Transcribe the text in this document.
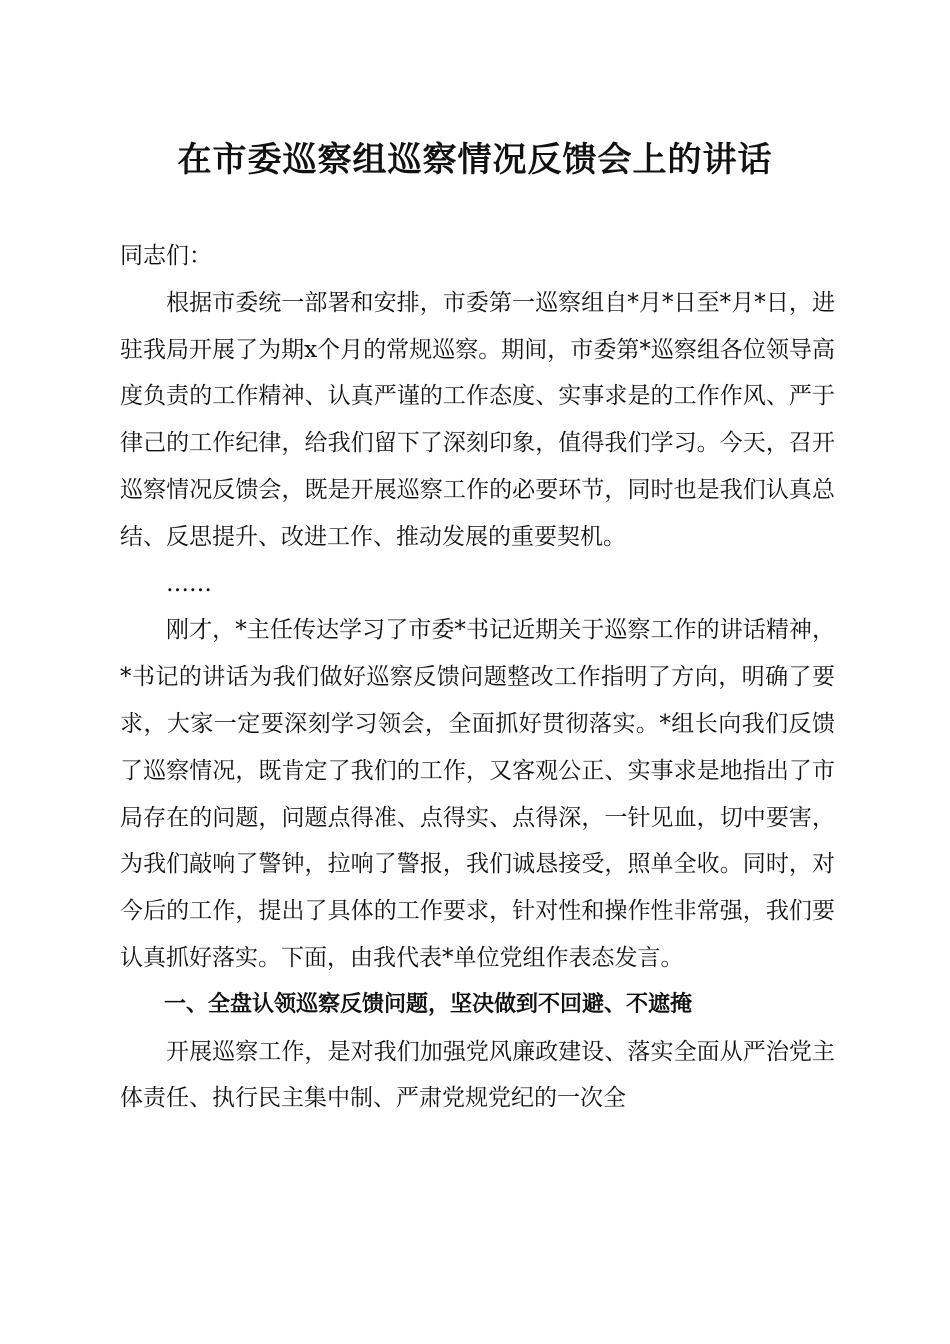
在市委巡察组巡察情况反馈会上的讲话

同志们：

根据市委统一部署和安排，市委第一巡察组自*月*日至*月*日，进驻我局开展了为期x个月的常规巡察。期间，市委第*巡察组各位领导高度负责的工作精神、认真严谨的工作态度、实事求是的工作作风、严于律己的工作纪律，给我们留下了深刻印象，值得我们学习。今天，召开巡察情况反馈会，既是开展巡察工作的必要环节，同时也是我们认真总结、反思提升、改进工作、推动发展的重要契机。

……

刚才，*主任传达学习了市委*书记近期关于巡察工作的讲话精神，*书记的讲话为我们做好巡察反馈问题整改工作指明了方向，明确了要求，大家一定要深刻学习领会，全面抓好贯彻落实。*组长向我们反馈了巡察情况，既肯定了我们的工作，又客观公正、实事求是地指出了市局存在的问题，问题点得准、点得实、点得深，一针见血，切中要害，为我们敲响了警钟，拉响了警报，我们诚恳接受，照单全收。同时，对今后的工作，提出了具体的工作要求，针对性和操作性非常强，我们要认真抓好落实。下面，由我代表*单位党组作表态发言。

一、全盘认领巡察反馈问题，坚决做到不回避、不遮掩

开展巡察工作，是对我们加强党风廉政建设、落实全面从严治党主体责任、执行民主集中制、严肃党规党纪的一次全
